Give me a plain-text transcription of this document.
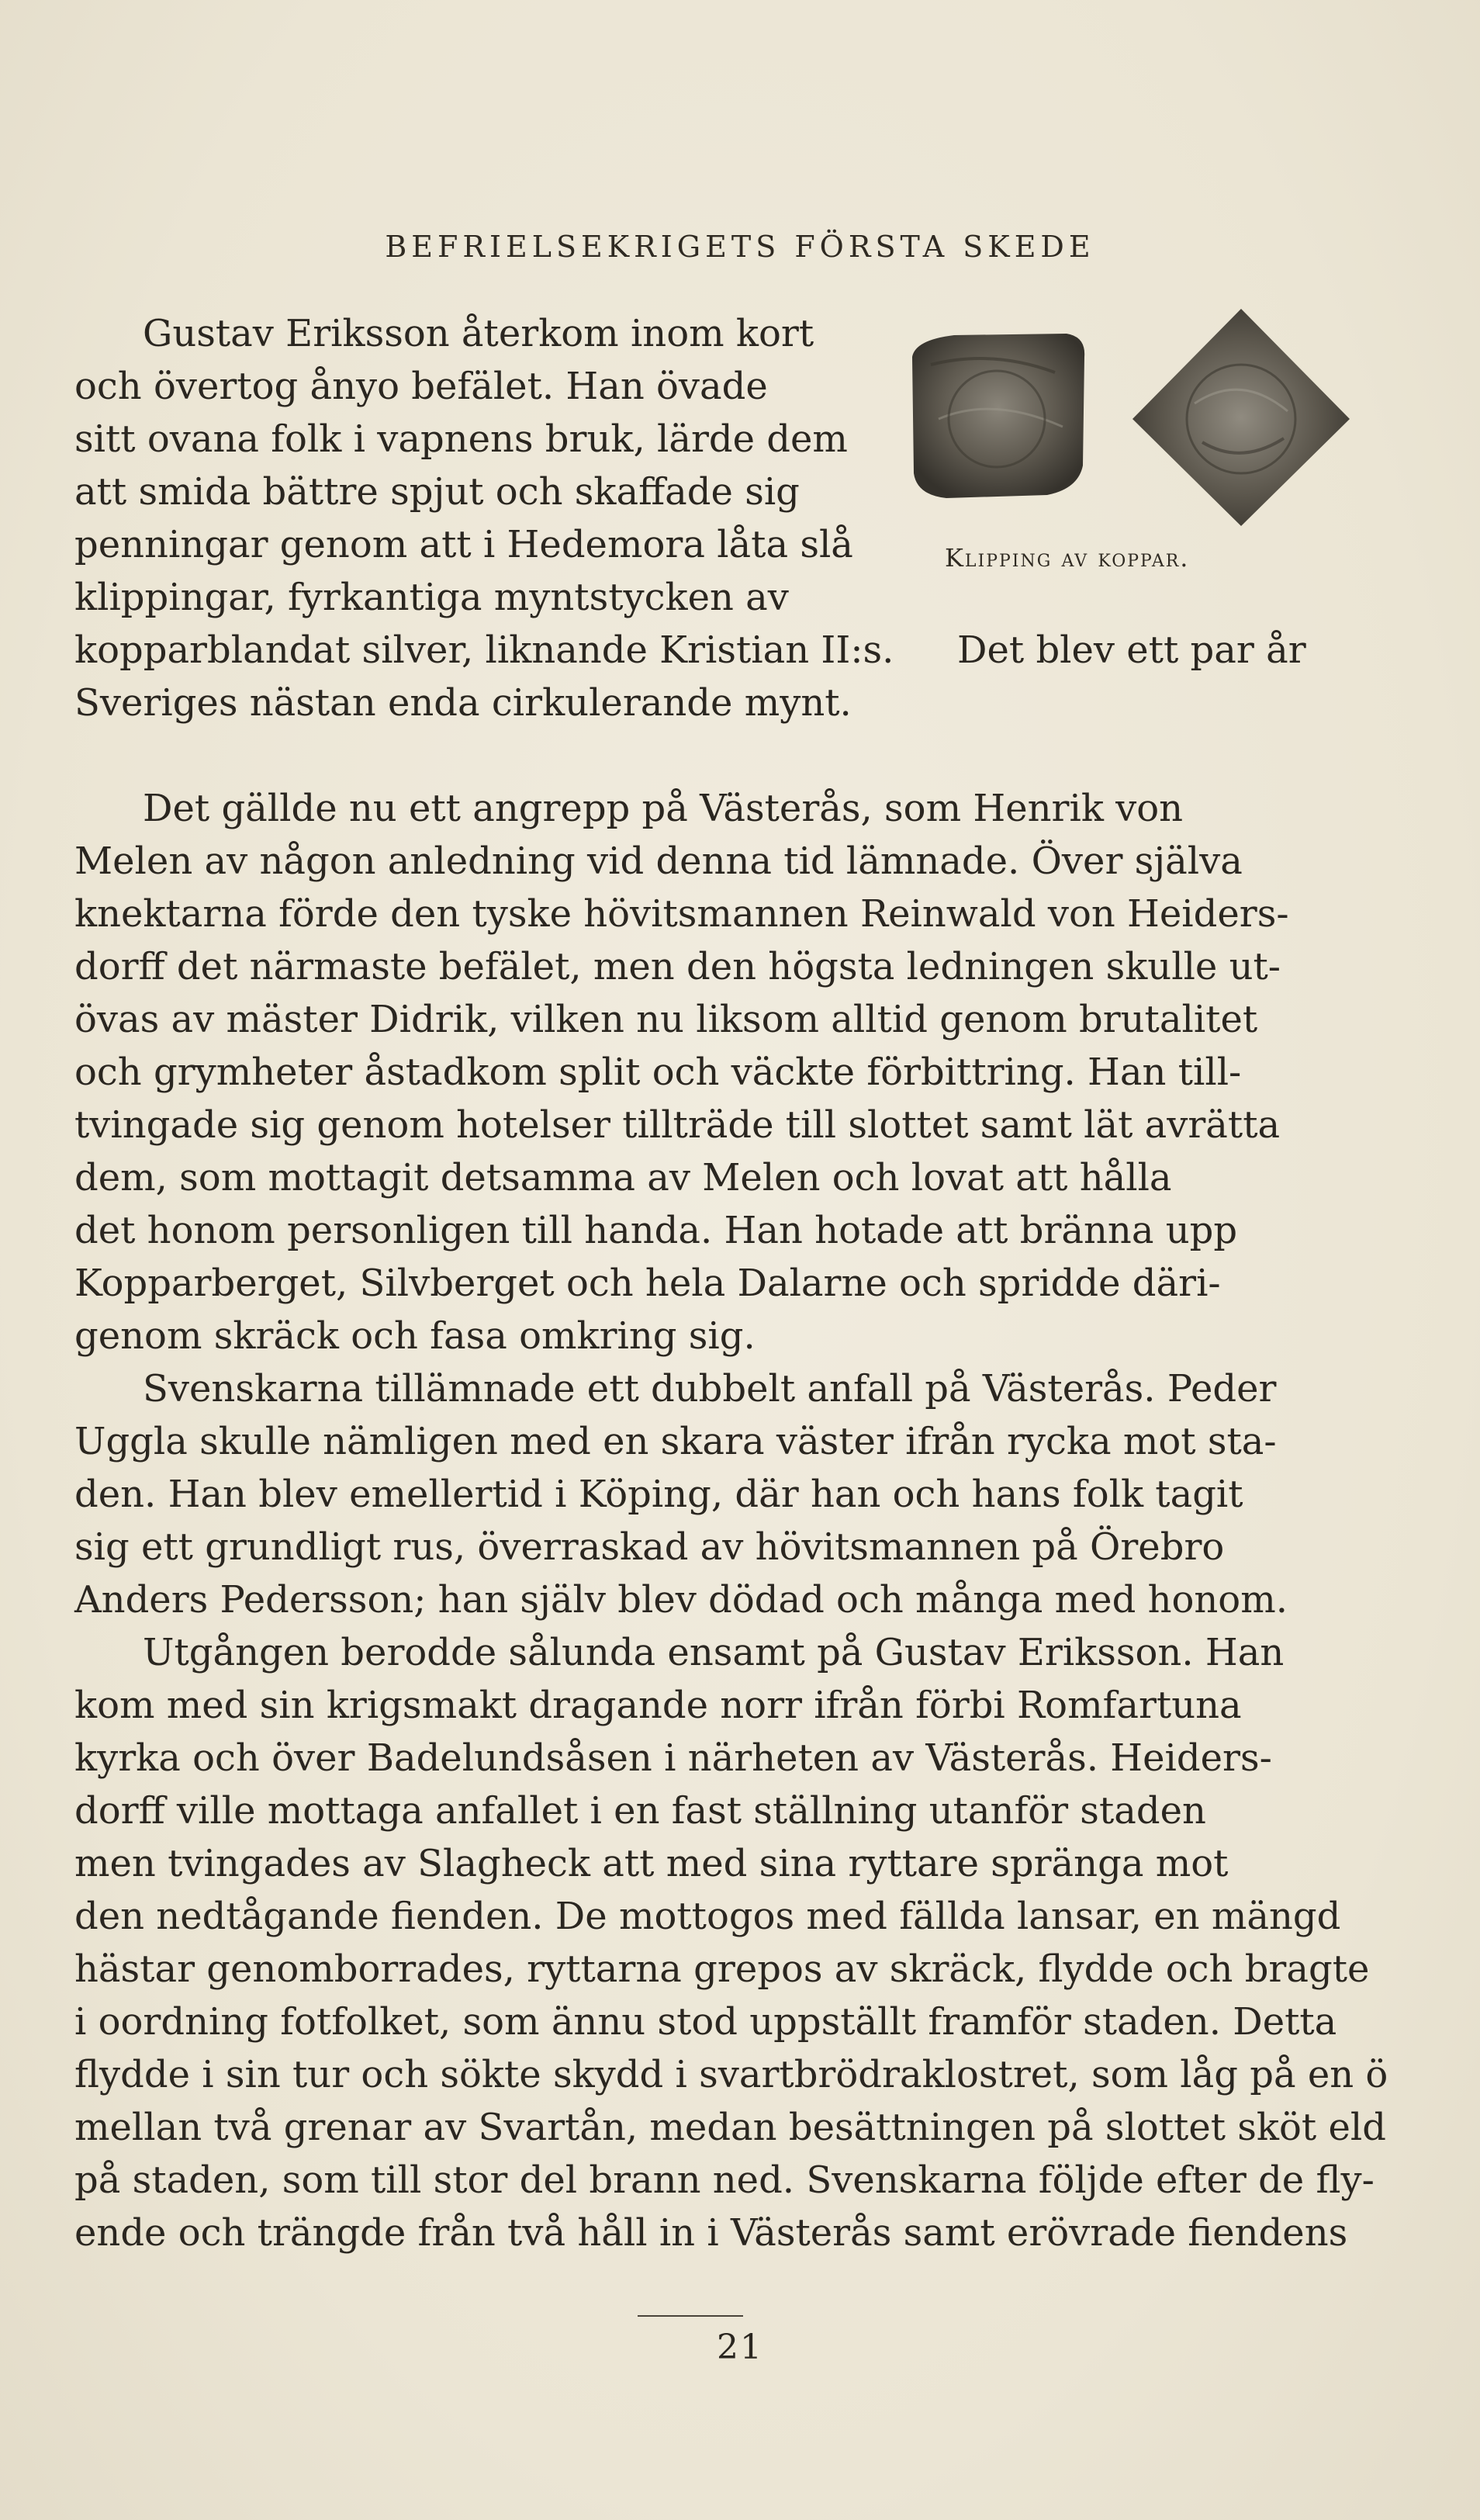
BEFRIELSEKRIGETS FÖRSTA SKEDE
Gustav Eriksson återkom inom kort
och övertog ånyo befälet. Han övade
sitt ovana folk i vapnens bruk, lärde dem
att smida bättre spjut och skaffade sig
penningar genom att i Hedemora låta slå
klippingar, fyrkantiga myntstycken av
kopparblandat silver, liknande Kristian II:s.
Sveriges nästan enda cirkulerande mynt.
Klipping av koppar.
Det blev ett par år
Det gällde nu ett angrepp på Västerås, som Henrik von
Melen av någon anledning vid denna tid lämnade. Över själva
knektarna förde den tyske hövitsmannen Reinwald von Heiders-
dorff det närmaste befälet, men den högsta ledningen skulle ut-
övas av mäster Didrik, vilken nu liksom alltid genom brutalitet
och grymheter åstadkom split och väckte förbittring. Han till-
tvingade sig genom hotelser tillträde till slottet samt lät avrätta
dem, som mottagit detsamma av Melen och lovat att hålla
det honom personligen till handa. Han hotade att bränna upp
Kopparberget, Silvberget och hela Dalarne och spridde däri-
genom skräck och fasa omkring sig.
Svenskarna tillämnade ett dubbelt anfall på Västerås. Peder
Uggla skulle nämligen med en skara väster ifrån rycka mot sta-
den. Han blev emellertid i Köping, där han och hans folk tagit
sig ett grundligt rus, överraskad av hövitsmannen på Örebro
Anders Pedersson; han själv blev dödad och många med honom.
Utgången berodde sålunda ensamt på Gustav Eriksson. Han
kom med sin krigsmakt dragande norr ifrån förbi Romfartuna
kyrka och över Badelundsåsen i närheten av Västerås. Heiders-
dorff ville mottaga anfallet i en fast ställning utanför staden
men tvingades av Slagheck att med sina ryttare spränga mot
den nedtågande fienden. De mottogos med fällda lansar, en mängd
hästar genomborrades, ryttarna grepos av skräck, flydde och bragte
i oordning fotfolket, som ännu stod uppställt framför staden. Detta
flydde i sin tur och sökte skydd i svartbrödraklostret, som låg på en ö
mellan två grenar av Svartån, medan besättningen på slottet sköt eld
på staden, som till stor del brann ned. Svenskarna följde efter de fly-
ende och trängde från två håll in i Västerås samt erövrade fiendens
21
